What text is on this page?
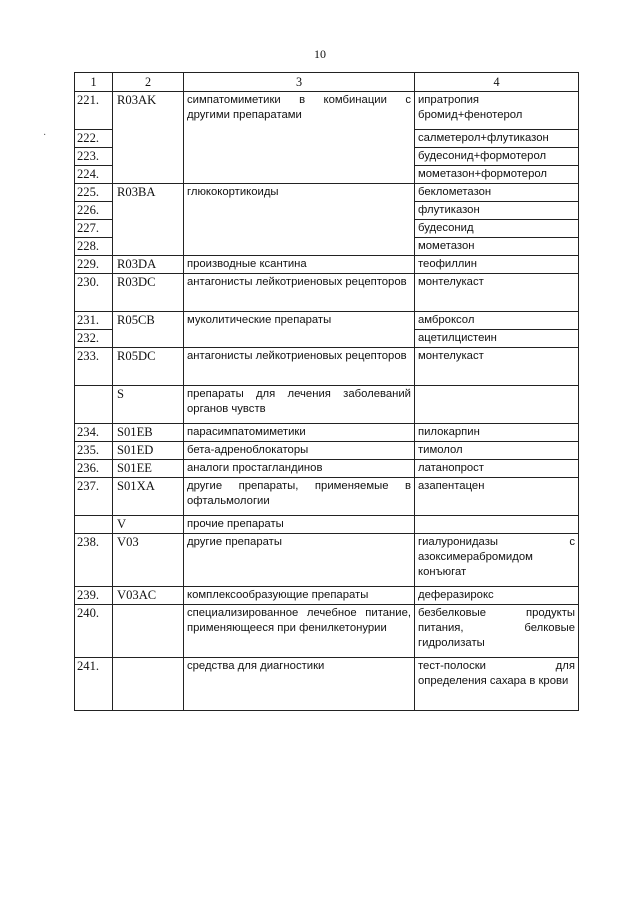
10
·
1	2	3	4
221.	R03AK	симпатомиметики в комбинации с другими препаратами	ипратропия бромид+фенотерол
222.			салметерол+флутиказон
223.			будесонид+формотерол
224.			мометазон+формотерол
225.	R03BA	глюкокортикоиды	беклометазон
226.			флутиказон
227.			будесонид
228.			мометазон
229.	R03DA	производные ксантина	теофиллин
230.	R03DC	антагонисты лейкотриеновых рецепторов	монтелукаст
231.	R05CB	муколитические препараты	амброксол
232.			ацетилцистеин
233.	R05DC	антагонисты лейкотриеновых рецепторов	монтелукаст
	S	препараты для лечения заболеваний органов чувств	
234.	S01EB	парасимпатомиметики	пилокарпин
235.	S01ED	бета-адреноблокаторы	тимолол
236.	S01EE	аналоги простагландинов	латанопрост
237.	S01XA	другие препараты, применяемые в офтальмологии	азапентацен
	V	прочие препараты	
238.	V03	другие препараты	гиалуронидазы с азоксимерабромидом конъюгат
239.	V03AC	комплексообразующие препараты	деферазирокс
240.		специализированное лечебное питание, применяющееся при фенилкетонурии	безбелковые продукты питания, белковые гидролизаты
241.		средства для диагностики	тест-полоски для определения сахара в крови
